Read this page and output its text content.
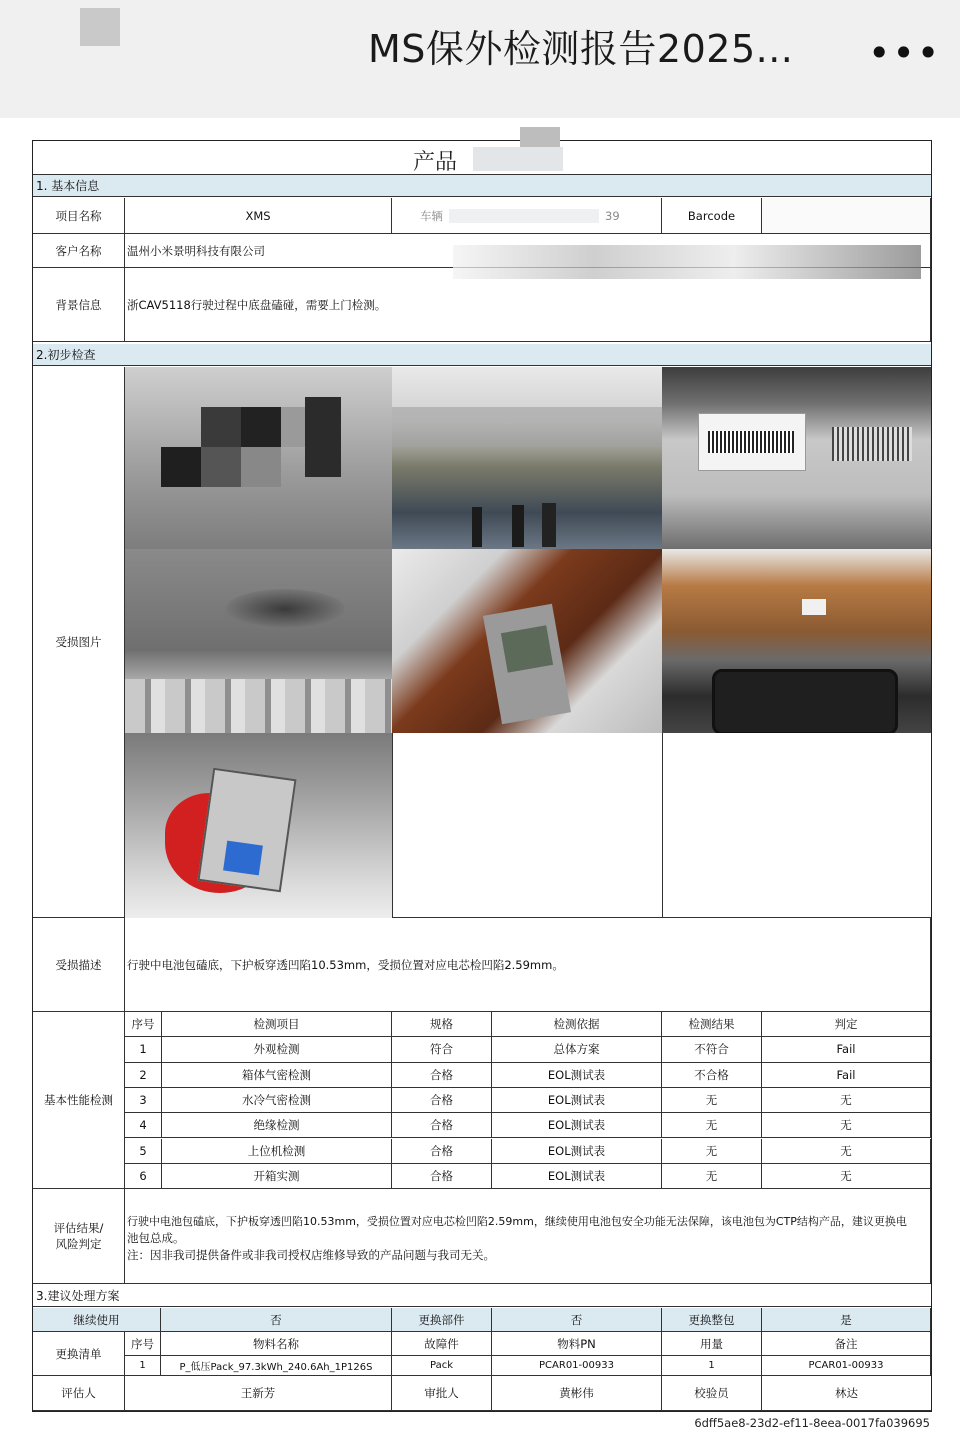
MS保外检测报告2025... •••
产品
1. 基本信息
项目名称	XMS	车辆	39	Barcode
客户名称	温州小米景明科技有限公司
背景信息	浙CAV5118行驶过程中底盘磕碰，需要上门检测。
2.初步检查
受损图片
受损描述	行驶中电池包磕底，下护板穿透凹陷10.53mm，受损位置对应电芯检凹陷2.59mm。
基本性能检测
序号	检测项目	规格	检测依据	检测结果	判定
1	外观检测	符合	总体方案	不符合	Fail
2	箱体气密检测	合格	EOL测试表	不合格	Fail
3	水冷气密检测	合格	EOL测试表	无	无
4	绝缘检测	合格	EOL测试表	无	无
5	上位机检测	合格	EOL测试表	无	无
6	开箱实测	合格	EOL测试表	无	无
评估结果/
风险判定
行驶中电池包磕底，下护板穿透凹陷10.53mm，受损位置对应电芯检凹陷2.59mm，继续使用电池包安全功能无法保障，该电池包为CTP结构产品，建议更换电
池包总成。
注：因非我司提供备件或非我司授权店维修导致的产品问题与我司无关。
3.建议处理方案
继续使用	否	更换部件	否	更换整包	是
更换清单
序号	物料名称	故障件	物料PN	用量	备注
1	P_低压Pack_97.3kWh_240.6Ah_1P126S	Pack	PCAR01-00933	1	PCAR01-00933
评估人	王新芳	审批人	黄彬伟	校验员	林达
6dff5ae8-23d2-ef11-8eea-0017fa039695
